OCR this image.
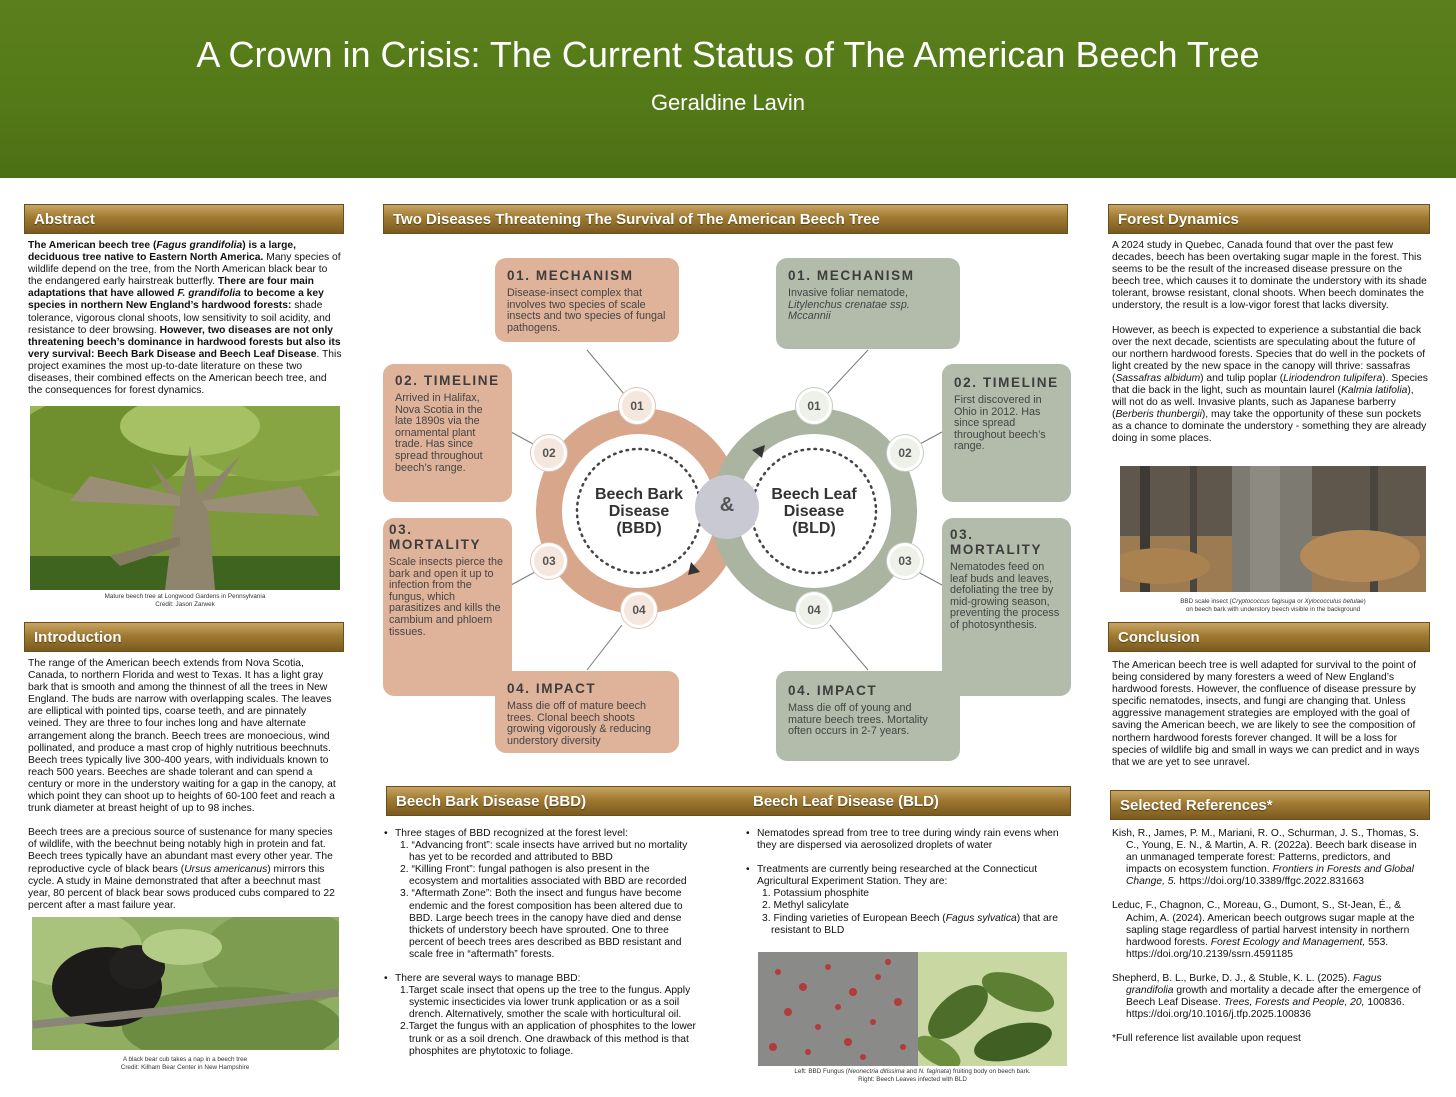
A Crown in Crisis: The Current Status of The American Beech Tree
Geraldine Lavin
Abstract
The American beech tree (Fagus grandifolia) is a large, deciduous tree native to Eastern North America. Many species of wildlife depend on the tree, from the North American black bear to the endangered early hairstreak butterfly. There are four main adaptations that have allowed F. grandifolia to become a key species in northern New England’s hardwood forests: shade tolerance, vigorous clonal shoots, low sensitivity to soil acidity, and resistance to deer browsing. However, two diseases are not only threatening beech’s dominance in hardwood forests but also its very survival: Beech Bark Disease and Beech Leaf Disease. This project examines the most up-to-date literature on these two diseases, their combined effects on the American beech tree, and the consequences for forest dynamics.
Mature beech tree at Longwood Gardens in Pennsylvania
Credit: Jason Zarwek
Introduction

The range of the American beech extends from Nova Scotia, Canada, to northern Florida and west to Texas. It has a light gray bark that is smooth and among the thinnest of all the trees in New England. The buds are narrow with overlapping scales. The leaves are elliptical with pointed tips, coarse teeth, and are pinnately veined. They are three to four inches long and have alternate arrangement along the branch. Beech trees are monoecious, wind pollinated, and produce a mast crop of highly nutritious beechnuts. Beech trees typically live 300-400 years, with individuals known to reach 500 years. Beeches are shade tolerant and can spend a century or more in the understory waiting for a gap in the canopy, at which point they can shoot up to heights of 60-100 feet and reach a trunk diameter at breast height of up to 98 inches.

Beech trees are a precious source of sustenance for many species of wildlife, with the beechnut being notably high in protein and fat. Beech trees typically have an abundant mast every other year. The reproductive cycle of black bears (Ursus americanus) mirrors this cycle. A study in Maine demonstrated that after a beechnut mast year, 80 percent of black bear sows produced cubs compared to 22 percent after a mast failure year.

A black bear cub takes a nap in a beech tree
Credit: Kilham Bear Center in New Hampshire
Two Diseases Threatening The Survival of The American Beech Tree
Beech Bark
Disease
(BBD)
Beech Leaf
Disease
(BLD)
&
01
02
03
04
01
02
03
04
01. MECHANISM
Disease-insect complex that involves two species of scale insects and two species of fungal pathogens.
02. TIMELINE
Arrived in Halifax, Nova Scotia in the late 1890s via the ornamental plant trade. Has since spread throughout beech’s range.
03. MORTALITY
Scale insects pierce the bark and open it up to infection from the fungus, which parasitizes and kills the cambium and phloem tissues.
04. IMPACT
Mass die off of mature beech trees. Clonal beech shoots growing vigorously & reducing understory diversity
01. MECHANISM
Invasive foliar nematode, Litylenchus crenatae ssp. Mccannii
02. TIMELINE
First discovered in Ohio in 2012. Has since spread throughout beech’s range.
03. MORTALITY
Nematodes feed on leaf buds and leaves, defoliating the tree by mid-growing season, preventing the process of photosynthesis.
04. IMPACT
Mass die off of young and mature beech trees. Mortality often occurs in 2-7 years.
Beech Bark Disease (BBD)	Beech Leaf Disease (BLD)
• Three stages of BBD recognized at the forest level:
1. “Advancing front”: scale insects have arrived but no mortality has yet to be recorded and attributed to BBD
2. “Killing Front”: fungal pathogen is also present in the ecosystem and mortalities associated with BBD are recorded
3. “Aftermath Zone”: Both the insect and fungus have become endemic and the forest composition has been altered due to BBD. Large beech trees in the canopy have died and dense thickets of understory beech have sprouted. One to three percent of beech trees ares described as BBD resistant and scale free in “aftermath” forests.
• There are several ways to manage BBD:
1.Target scale insect that opens up the tree to the fungus. Apply systemic insecticides via lower trunk application or as a soil drench. Alternatively, smother the scale with horticultural oil.
2.Target the fungus with an application of phosphites to the lower trunk or as a soil drench. One drawback of this method is that phosphites are phytotoxic to foliage.
• Nematodes spread from tree to tree during windy rain evens when they are dispersed via aerosolized droplets of water
• Treatments are currently being researched at the Connecticut Agricultural Experiment Station. They are:
1. Potassium phosphite
2. Methyl salicylate
3. Finding varieties of European Beech (Fagus sylvatica) that are resistant to BLD
Left: BBD Fungus (Neonectria ditissima and N. faginata) fruiting body on beech bark.
Right: Beech Leaves infected with BLD
Forest Dynamics

A 2024 study in Quebec, Canada found that over the past few decades, beech has been overtaking sugar maple in the forest. This seems to be the result of the increased disease pressure on the beech tree, which causes it to dominate the understory with its shade tolerant, browse resistant, clonal shoots. When beech dominates the understory, the result is a low-vigor forest that lacks diversity.

However, as beech is expected to experience a substantial die back over the next decade, scientists are speculating about the future of our northern hardwood forests. Species that do well in the pockets of light created by the new space in the canopy will thrive: sassafras (Sassafras albidum) and tulip poplar (Liriodendron tulipifera). Species that die back in the light, such as mountain laurel (Kalmia latifolia), will not do as well. Invasive plants, such as Japanese barberry (Berberis thunbergii), may take the opportunity of these sun pockets as a chance to dominate the understory - something they are already doing in some places.

BBD scale insect (Cryptococcus fagisuga or Xylococculus betulae)
on beech bark with understory beech visible in the background
Conclusion
The American beech tree is well adapted for survival to the point of being considered by many foresters a weed of New England’s hardwood forests. However, the confluence of disease pressure by specific nematodes, insects, and fungi are changing that. Unless aggressive management strategies are employed with the goal of saving the American beech, we are likely to see the composition of northern hardwood forests forever changed. It will be a loss for species of wildlife big and small in ways we can predict and in ways that we are yet to see unravel.
Selected References*
Kish, R., James, P. M., Mariani, R. O., Schurman, J. S., Thomas, S. C., Young, E. N., & Martin, A. R. (2022a). Beech bark disease in an unmanaged temperate forest: Patterns, predictors, and impacts on ecosystem function. Frontiers in Forests and Global Change, 5. https://doi.org/10.3389/ffgc.2022.831663
Leduc, F., Chagnon, C., Moreau, G., Dumont, S., St-Jean, É., & Achim, A. (2024). American beech outgrows sugar maple at the sapling stage regardless of partial harvest intensity in northern hardwood forests. Forest Ecology and Management, 553. https://doi.org/10.2139/ssrn.4591185
Shepherd, B. L., Burke, D. J., & Stuble, K. L. (2025). Fagus grandifolia growth and mortality a decade after the emergence of Beech Leaf Disease. Trees, Forests and People, 20, 100836. https://doi.org/10.1016/j.tfp.2025.100836
*Full reference list available upon request
